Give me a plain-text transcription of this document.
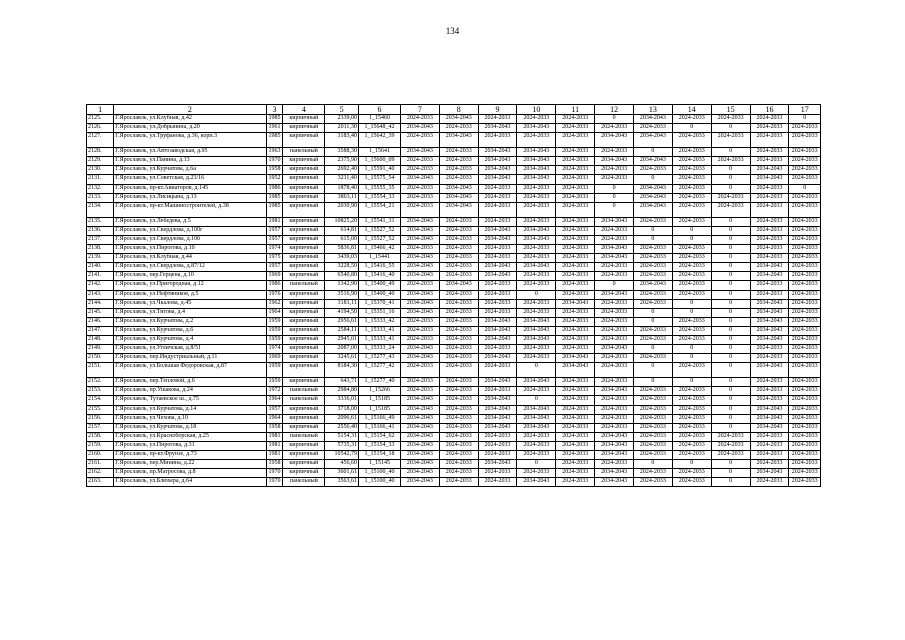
134
1	2	3	4	5	6	7	8	9	10	11	12	13	14	15	16	17
2125.	Г.Ярославль, ул.Клубная, д.42	1985	кирпичный	2339,00	1_15460	2024-2033	2034-2043	2024-2033	2024-2033	2024-2033	0	2034-2043	2024-2033	2024-2033	2024-2033	0
2126.	Г.Ярославль, ул.Добрынина, д.20	1961	кирпичный	2011,30	1_15648_42	2034-2043	2024-2033	2034-2043	2034-2043	2024-2033	2024-2033	2024-2033	0	0	2024-2033	2024-2033
2127.	Г.Ярославль, ул.Труфанова, д.36, корп.3	1985	кирпичный	3183,40	1_15642_39	2024-2033	2034-2043	2024-2033	2024-2033	2024-2033	2034-2043	2034-2043	2024-2033	2024-2033	2024-2033	2024-2033
2128.	Г.Ярославль, ул.Автозаводская, д.95	1963	панельный	3588,30	1_15641	2034-2043	2024-2033	2034-2043	2034-2043	2024-2033	2024-2033	0	2024-2033	0	2024-2033	2024-2033
2129.	Г.Ярославль, ул.Панина, д.13	1970	кирпичный	2375,90	1_15600_09	2024-2033	2024-2033	2034-2043	2034-2043	2024-2033	2034-2043	2034-2043	2024-2033	2024-2033	2024-2033	2024-2033
2130.	Г.Ярославль, ул.Курчатова, д.6а	1958	кирпичный	2692,40	1_15591_40	2024-2033	2024-2033	2034-2043	2034-2043	2024-2033	2024-2033	2024-2033	2024-2033	0	2034-2043	2024-2033
2131.	Г.Ярославль, ул.Советская, д.23/16	1952	кирпичный	3211,40	1_15575_54	2034-2043	2024-2033	2034-2043	2034-2043	2024-2033	2024-2033	0	2024-2033	0	2034-2043	2024-2033
2132.	Г.Ярославль, пр-кт.Авиаторов, д.145	1986	кирпичный	1878,40	1_15555_35	2024-2033	2034-2043	2024-2033	2024-2033	2024-2033	0	2034-2043	2024-2033	0	2024-2033	0
2133.	Г.Ярославль, ул.Лисицына, д.13	1985	кирпичный	3863,11	1_15554_33	2024-2033	2034-2043	2024-2033	2024-2033	2024-2033	0	2034-2043	2024-2033	2024-2033	2024-2033	2024-2033
2134.	Г.Ярославль, пр-кт.Машиностроителей, д.38	1985	кирпичный	2030,90	1_15554_21	2024-2033	2034-2043	2024-2033	2024-2033	2024-2033	0	2034-2043	2024-2033	2024-2033	2024-2033	2024-2033
2135.	Г.Ярославль, ул.Лебедева, д.5	1981	кирпичный	10825,20	1_15541_31	2034-2043	2024-2033	2024-2033	2024-2033	2024-2033	2034-2043	2024-2033	2024-2033	0	2024-2033	2024-2033
2136.	Г.Ярославль, ул.Свердлова, д.100г	1957	кирпичный	614,81	1_15527_52	2034-2043	2024-2033	2034-2043	2034-2043	2024-2033	2024-2033	0	0	0	2024-2033	2024-2033
2137.	Г.Ярославль, ул.Свердлова, д.10б	1957	кирпичный	615,00	1_15527_52	2034-2043	2024-2033	2034-2043	2034-2043	2024-2033	2024-2033	0	0	0	2024-2033	2024-2033
2138.	Г.Ярославль, ул.Пирогова, д.10	1974	кирпичный	5836,81	1_15466_42	2024-2033	2024-2033	2024-2033	2024-2033	2024-2033	2034-2043	2024-2033	2024-2033	0	2024-2033	2024-2033
2139.	Г.Ярославль, ул.Клубная, д.44	1975	кирпичный	3439,03	1_15441	2034-2043	2024-2033	2024-2033	2024-2033	2024-2033	2034-2043	2024-2033	2024-2033	0	2024-2033	2024-2033
2140.	Г.Ярославль, ул.Свердлова, д.87/12	1957	кирпичный	3228,50	1_15416_55	2034-2043	2024-2033	2034-2043	2034-2043	2024-2033	2024-2033	2024-2033	2024-2033	0	2034-2043	2024-2033
2141.	Г.Ярославль, пер.Герцена, д.10	1969	кирпичный	6540,80	1_15416_40	2034-2043	2024-2033	2034-2043	2024-2033	2024-2033	2024-2033	2024-2033	2024-2033	0	2034-2043	2024-2033
2142.	Г.Ярославль, ул.Пригородная, д.12	1986	панельный	1342,90	1_15400_49	2024-2033	2034-2043	2024-2033	2024-2033	2024-2033	0	2034-2043	2024-2033	0	2024-2033	2024-2033
2143.	Г.Ярославль, ул.Нефтяников, д.5	1976	кирпичный	3516,90	1_15400_40	2034-2043	2024-2033	2024-2033	0	2024-2033	2034-2043	2024-2033	2024-2033	0	2024-2033	2024-2033
2144.	Г.Ярославль, ул.Чкалова, д.45	1962	кирпичный	3181,11	1_15370_41	2034-2043	2024-2033	2024-2033	2024-2033	2034-2043	2024-2033	2024-2033	0	0	2034-2043	2024-2033
2145.	Г.Ярославль, ул.Титова, д.4	1964	кирпичный	4194,50	1_15351_16	2034-2043	2024-2033	2024-2033	2024-2033	2024-2033	2024-2033	0	0	0	2034-2043	2024-2033
2146.	Г.Ярославль, ул.Курчатова, д.2	1959	кирпичный	2956,61	1_15333_42	2024-2033	2024-2033	2034-2043	2034-2043	2024-2033	2024-2033	0	2024-2033	0	2034-2043	2024-2033
2147.	Г.Ярославль, ул.Курчатова, д.6	1959	кирпичный	2584,11	1_15333_41	2024-2033	2024-2033	2034-2043	2034-2043	2024-2033	2024-2033	2024-2033	2024-2033	0	2034-2043	2024-2033
2148.	Г.Ярославль, ул.Курчатова, д.4	1959	кирпичный	2945,01	1_15333_41	2024-2033	2024-2033	2034-2043	2034-2043	2024-2033	2024-2033	2024-2033	2024-2033	0	2034-2043	2024-2033
2149.	Г.Ярославль, ул.Угличская, д.8/51	1974	кирпичный	2087,00	1_15333_24	2034-2043	2024-2033	2024-2033	2024-2033	2024-2033	2034-2043	0	0	0	2024-2033	2024-2033
2150.	Г.Ярославль, пер.Индустриальный, д.11	1969	кирпичный	3245,61	1_15277_43	2034-2043	2024-2033	2034-2043	2024-2033	2034-2043	2024-2033	2024-2033	0	0	2024-2033	2024-2033
2151.	Г.Ярославль, ул.Большая Федоровская, д.87	1959	кирпичный	8184,30	1_15277_42	2024-2033	2024-2033	2024-2033	0	2034-2043	2024-2033	0	2024-2033	0	2034-2043	2024-2033
2152.	Г.Ярославль, пер.Тепловой, д.6	1959	кирпичный	643,71	1_15277_40	2024-2033	2024-2033	2034-2043	2034-2043	2024-2033	2024-2033	0	0	0	2024-2033	2024-2033
2153.	Г.Ярославль, пр.Ушакова, д.24	1972	панельный	2984,80	1_15266	2024-2033	2024-2033	2024-2033	2024-2033	2024-2033	2034-2043	2024-2033	2024-2033	0	2024-2033	2024-2033
2154.	Г.Ярославль, Тутаевское ш., д.75	1964	панельный	3336,01	1_15185	2034-2043	2024-2033	2034-2043	0	2024-2033	2024-2033	2024-2033	2024-2033	0	2024-2033	2024-2033
2155.	Г.Ярославль, ул.Курчатова, д.14	1957	кирпичный	3718,00	1_15185	2034-2043	2024-2033	2034-2043	2034-2043	2024-2033	2024-2033	2024-2033	2024-2033	0	2034-2043	2024-2033
2156.	Г.Ярославль, ул.Чехова, д.10	1964	кирпичный	2096,61	1_15166_49	2034-2043	2024-2033	2034-2043	2034-2043	2024-2033	2024-2033	2024-2033	2024-2033	0	2034-2043	2024-2033
2157.	Г.Ярославль, ул.Курчатова, д.18	1958	кирпичный	2556,40	1_15166_41	2034-2043	2024-2033	2034-2043	2034-2043	2024-2033	2024-2033	2024-2033	2024-2033	0	2034-2043	2024-2033
2158.	Г.Ярославль, ул.Красноборская, д.25	1981	панельный	5154,31	1_15154_62	2034-2043	2024-2033	2024-2033	2024-2033	2024-2033	2034-2043	2024-2033	2024-2033	2024-2033	2024-2033	2024-2033
2159.	Г.Ярославль, ул.Пирогова, д.31	1981	кирпичный	5735,31	1_15154_33	2034-2043	2024-2033	2024-2033	2024-2033	2024-2033	2034-2043	2024-2033	2024-2033	2024-2033	2024-2033	2024-2033
2160.	Г.Ярославль, пр-кт.Фрунзе, д.73	1981	кирпичный	10542,79	1_15154_18	2034-2043	2024-2033	2024-2033	2024-2033	2024-2033	2034-2043	2024-2033	2024-2033	2024-2033	2024-2033	2024-2033
2161.	Г.Ярославль, пер.Минина, д.22	1958	кирпичный	456,60	1_15145	2034-2043	2024-2033	2034-2043	0	2024-2033	2024-2033	0	0	0	2024-2033	2024-2033
2162.	Г.Ярославль, пр.Матросова, д.8	1970	кирпичный	3601,61	1_15100_40	2034-2043	2024-2033	2024-2033	2024-2033	2024-2033	2034-2043	2024-2033	2024-2033	0	2034-2043	2024-2033
2163.	Г.Ярославль, ул.Блюхера, д.64	1970	панельный	3563,61	1_15100_40	2034-2043	2024-2033	2024-2033	2034-2043	2024-2033	2034-2043	2024-2033	2024-2033	0	2024-2033	2024-2033
